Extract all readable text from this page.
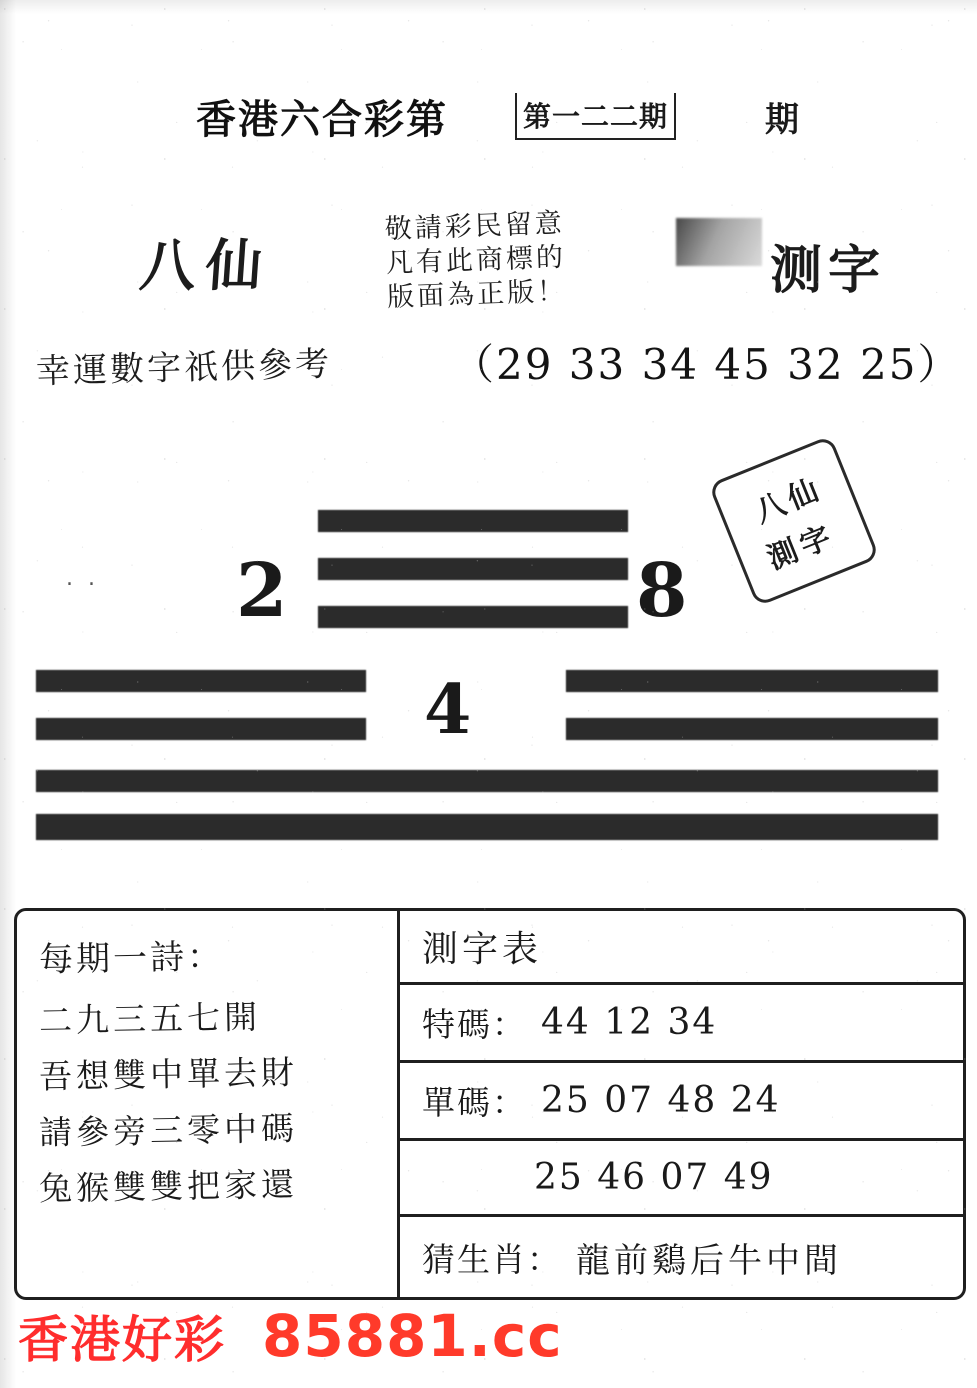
香港六合彩第	第一二二期	期
八仙
敬請彩民留意
凡有此商標的
版面為正版！	测字
幸運數字祇供參考	（29 33 34 45 32 25）
. . 2	8
4
八仙
測字
每期一詩：
二九三五七開
吾想雙中單去財
請參旁三零中碼
兔猴雙雙把家還
測字表
特碼： 44 12 34
單碼： 25 07 48 24
25 46 07 49
猜生肖： 龍前鷄后牛中間
香港好彩 85881.cc
